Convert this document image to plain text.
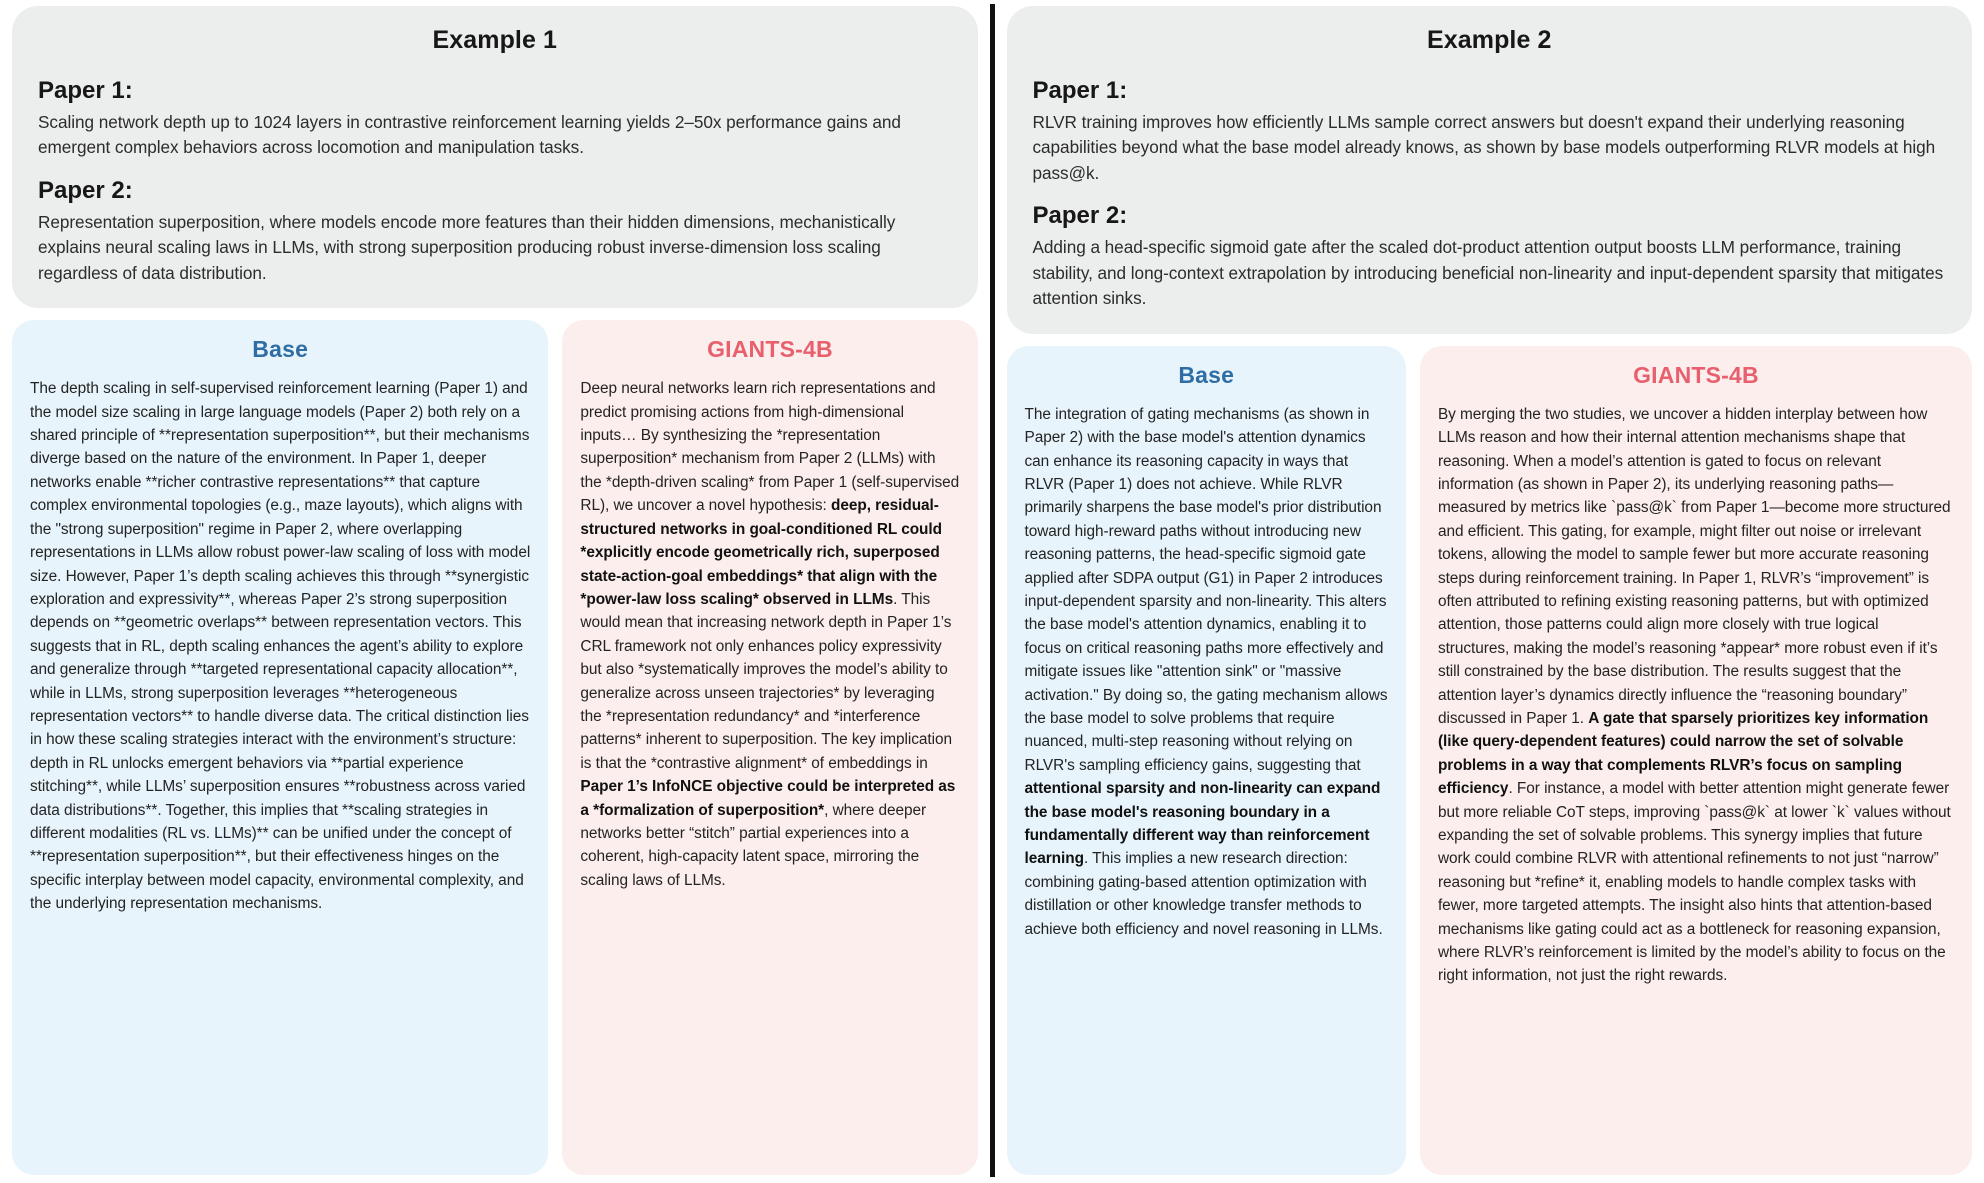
Example 1
Paper 1:

Scaling network depth up to 1024 layers in contrastive reinforcement learning yields 2–50x performance gains and emergent complex behaviors across locomotion and manipulation tasks.

Paper 2:

Representation superposition, where models encode more features than their hidden dimensions, mechanistically explains neural scaling laws in LLMs, with strong superposition producing robust inverse-dimension loss scaling regardless of data distribution.

Base
The depth scaling in self-supervised reinforcement learning (Paper 1) and the model size scaling in large language models (Paper 2) both rely on a shared principle of **representation superposition**, but their mechanisms diverge based on the nature of the environment. In Paper 1, deeper networks enable **richer contrastive representations** that capture complex environmental topologies (e.g., maze layouts), which aligns with the "strong superposition" regime in Paper 2, where overlapping representations in LLMs allow robust power-law scaling of loss with model size. However, Paper 1’s depth scaling achieves this through **synergistic exploration and expressivity**, whereas Paper 2’s strong superposition depends on **geometric overlaps** between representation vectors. This suggests that in RL, depth scaling enhances the agent’s ability to explore and generalize through **targeted representational capacity allocation**, while in LLMs, strong superposition leverages **heterogeneous representation vectors** to handle diverse data. The critical distinction lies in how these scaling strategies interact with the environment’s structure: depth in RL unlocks emergent behaviors via **partial experience stitching**, while LLMs’ superposition ensures **robustness across varied data distributions**. Together, this implies that **scaling strategies in different modalities (RL vs. LLMs)** can be unified under the concept of **representation superposition**, but their effectiveness hinges on the specific interplay between model capacity, environmental complexity, and the underlying representation mechanisms.
GIANTS-4B
Deep neural networks learn rich representations and predict promising actions from high-dimensional inputs… By synthesizing the *representation superposition* mechanism from Paper 2 (LLMs) with the *depth-driven scaling* from Paper 1 (self-supervised RL), we uncover a novel hypothesis: deep, residual-structured networks in goal-conditioned RL could *explicitly encode geometrically rich, superposed state-action-goal embeddings* that align with the *power-law loss scaling* observed in LLMs. This would mean that increasing network depth in Paper 1’s CRL framework not only enhances policy expressivity but also *systematically improves the model’s ability to generalize across unseen trajectories* by leveraging the *representation redundancy* and *interference patterns* inherent to superposition. The key implication is that the *contrastive alignment* of embeddings in Paper 1’s InfoNCE objective could be interpreted as a *formalization of superposition*, where deeper networks better “stitch” partial experiences into a coherent, high-capacity latent space, mirroring the scaling laws of LLMs.
Example 2
Paper 1:

RLVR training improves how efficiently LLMs sample correct answers but doesn't expand their underlying reasoning capabilities beyond what the base model already knows, as shown by base models outperforming RLVR models at high pass@k.

Paper 2:

Adding a head-specific sigmoid gate after the scaled dot-product attention output boosts LLM performance, training stability, and long-context extrapolation by introducing beneficial non-linearity and input-dependent sparsity that mitigates attention sinks.

Base
The integration of gating mechanisms (as shown in Paper 2) with the base model's attention dynamics can enhance its reasoning capacity in ways that RLVR (Paper 1) does not achieve. While RLVR primarily sharpens the base model's prior distribution toward high-reward paths without introducing new reasoning patterns, the head-specific sigmoid gate applied after SDPA output (G1) in Paper 2 introduces input-dependent sparsity and non-linearity. This alters the base model's attention dynamics, enabling it to focus on critical reasoning paths more effectively and mitigate issues like "attention sink" or "massive activation." By doing so, the gating mechanism allows the base model to solve problems that require nuanced, multi-step reasoning without relying on RLVR's sampling efficiency gains, suggesting that attentional sparsity and non-linearity can expand the base model's reasoning boundary in a fundamentally different way than reinforcement learning. This implies a new research direction: combining gating-based attention optimization with distillation or other knowledge transfer methods to achieve both efficiency and novel reasoning in LLMs.
GIANTS-4B
By merging the two studies, we uncover a hidden interplay between how LLMs reason and how their internal attention mechanisms shape that reasoning. When a model’s attention is gated to focus on relevant information (as shown in Paper 2), its underlying reasoning paths—measured by metrics like `pass@k` from Paper 1—become more structured and efficient. This gating, for example, might filter out noise or irrelevant tokens, allowing the model to sample fewer but more accurate reasoning steps during reinforcement training. In Paper 1, RLVR’s “improvement” is often attributed to refining existing reasoning patterns, but with optimized attention, those patterns could align more closely with true logical structures, making the model’s reasoning *appear* more robust even if it’s still constrained by the base distribution. The results suggest that the attention layer’s dynamics directly influence the “reasoning boundary” discussed in Paper 1. A gate that sparsely prioritizes key information (like query-dependent features) could narrow the set of solvable problems in a way that complements RLVR’s focus on sampling efficiency. For instance, a model with better attention might generate fewer but more reliable CoT steps, improving `pass@k` at lower `k` values without expanding the set of solvable problems. This synergy implies that future work could combine RLVR with attentional refinements to not just “narrow” reasoning but *refine* it, enabling models to handle complex tasks with fewer, more targeted attempts. The insight also hints that attention-based mechanisms like gating could act as a bottleneck for reasoning expansion, where RLVR’s reinforcement is limited by the model’s ability to focus on the right information, not just the right rewards.
